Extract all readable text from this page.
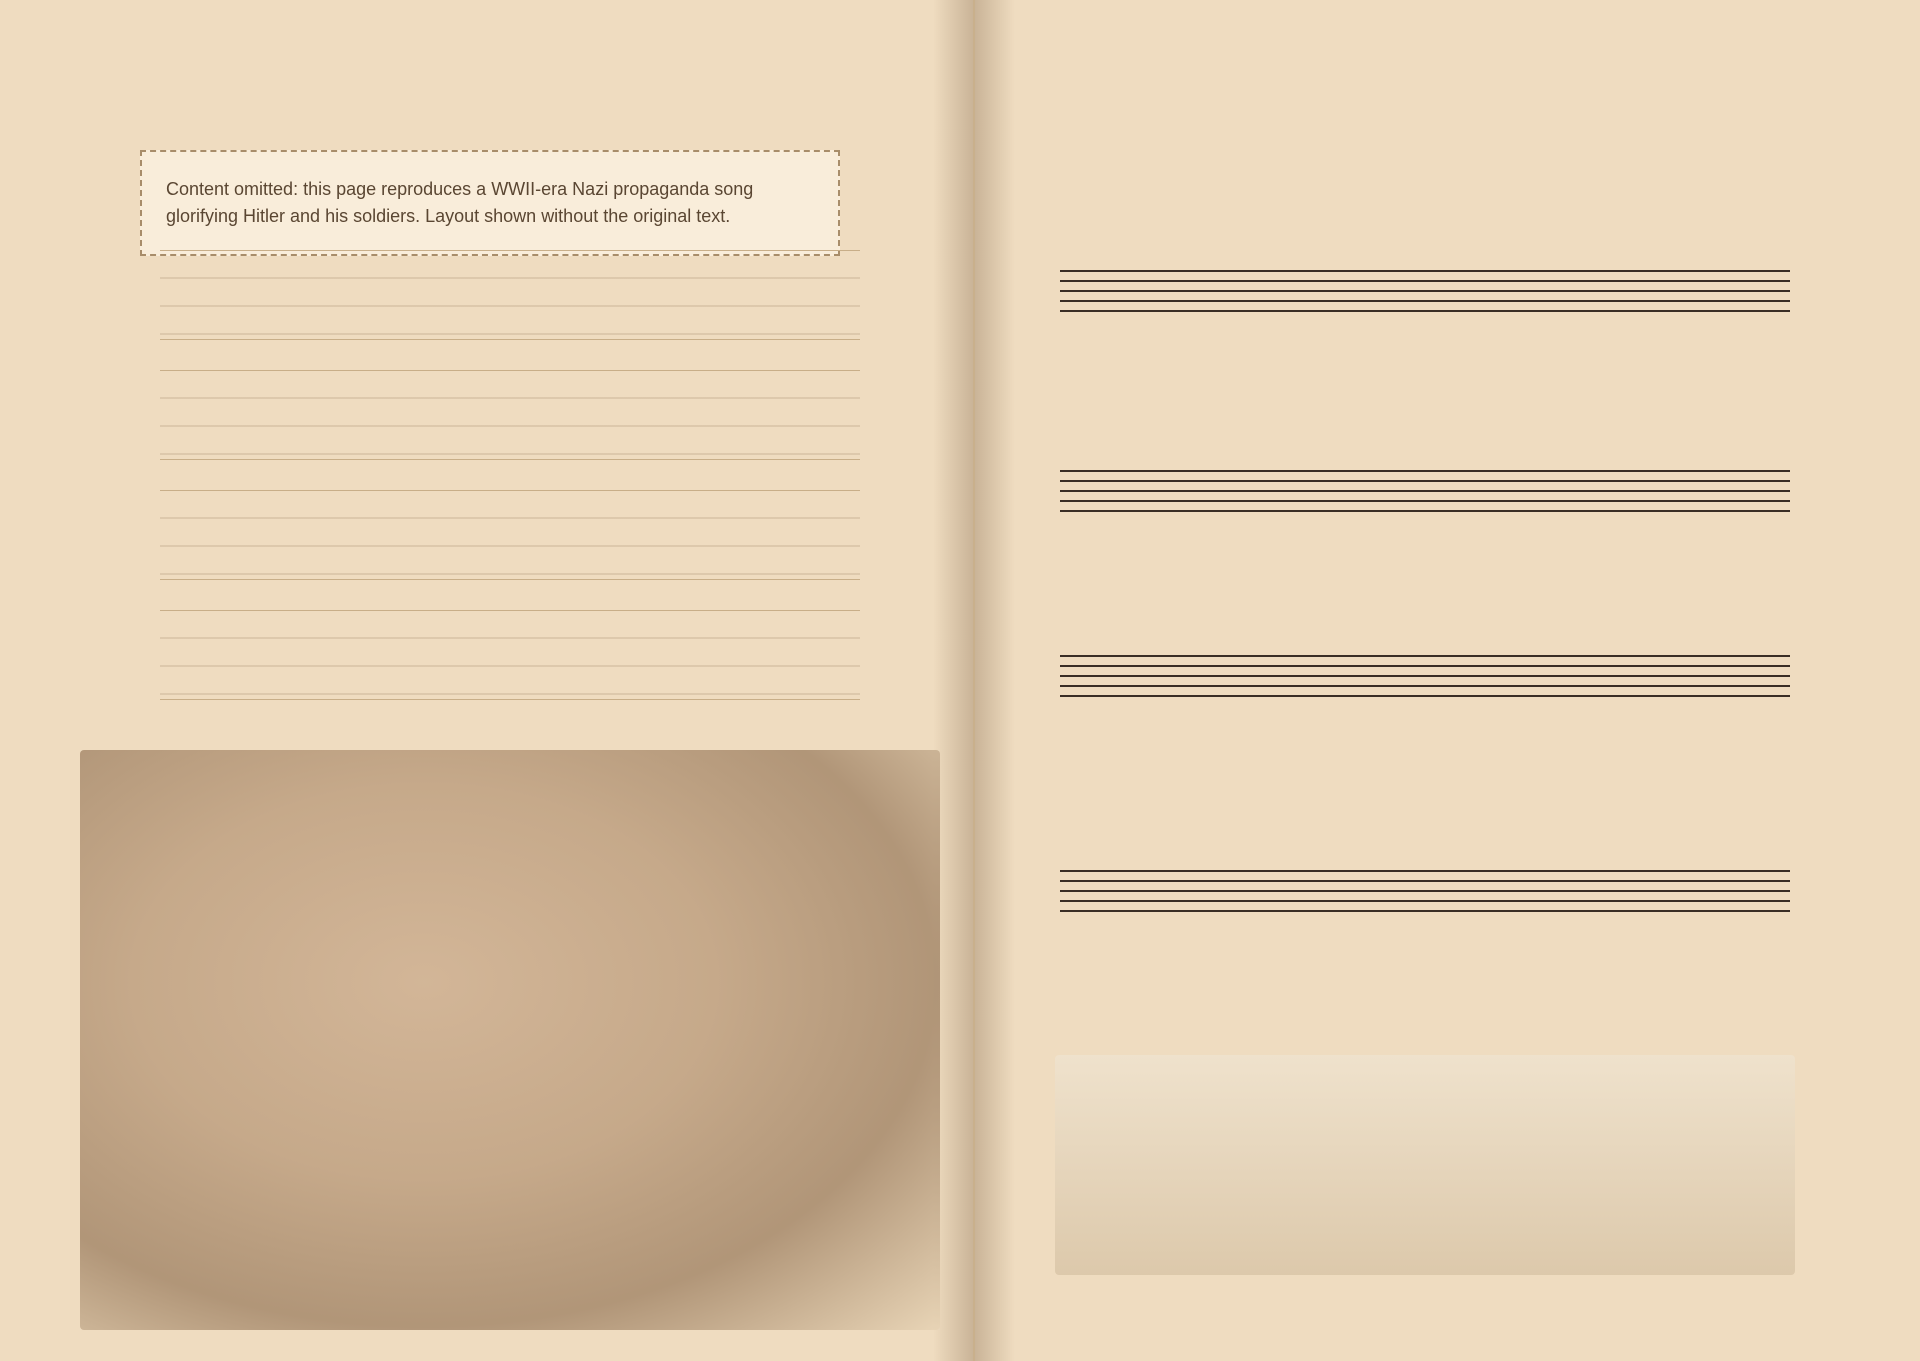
Content omitted: this page reproduces a WWII-era Nazi propaganda song glorifying Hitler and his soldiers. Layout shown without the original text.
